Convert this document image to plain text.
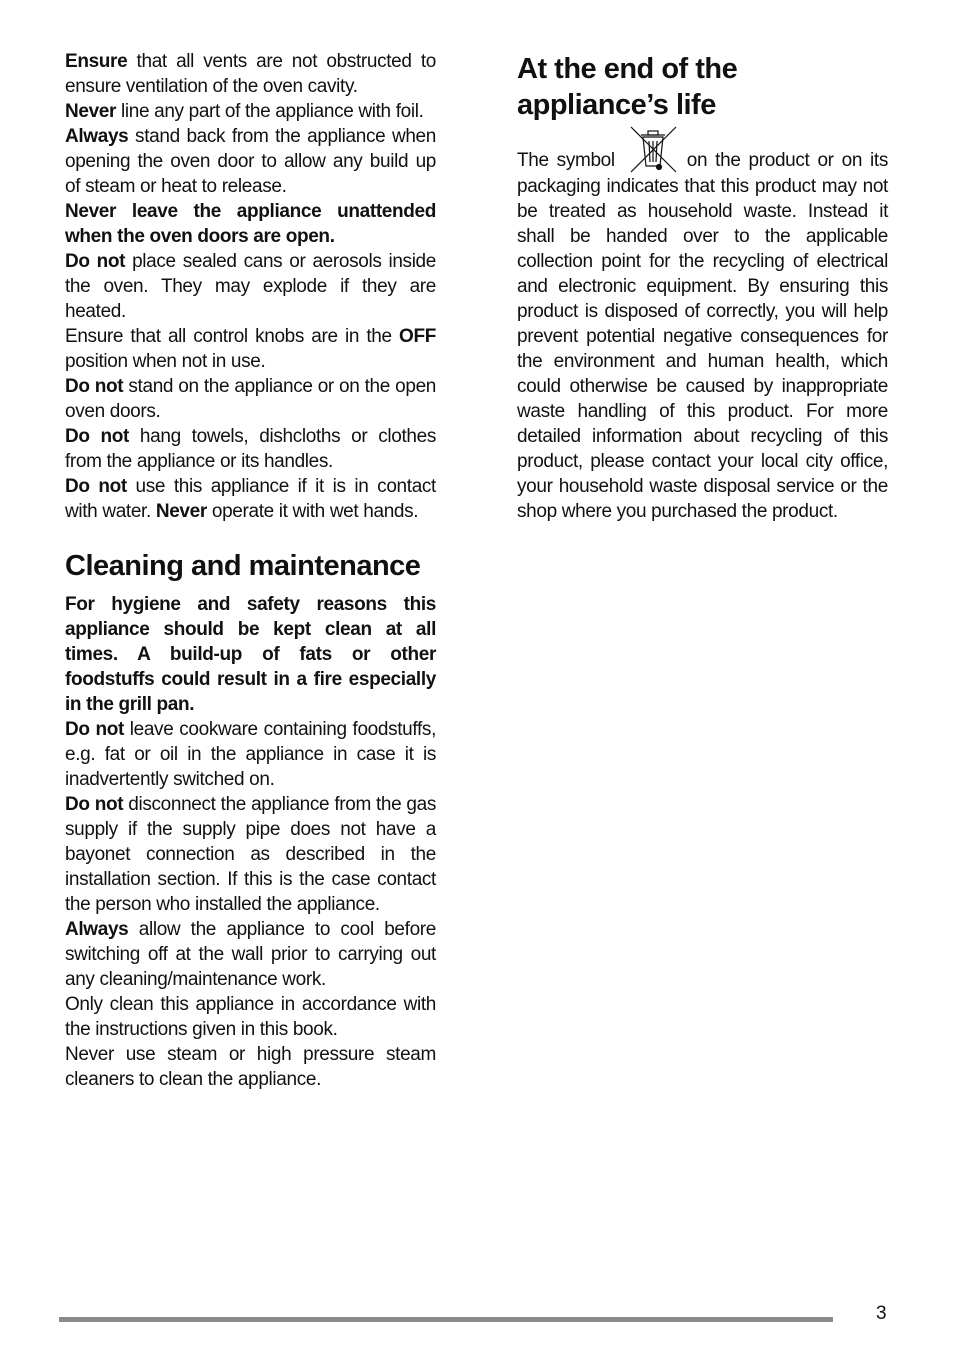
Ensure that all vents are not obstructed to ensure ventilation of the oven cavity.

Never line any part of the appliance with foil.

Always stand back from the appliance when opening the oven door to allow any build up of steam or heat to release.

Never leave the appliance unattended when the oven doors are open.

Do not place sealed cans or aerosols inside the oven. They may explode if they are heated.

Ensure that all control knobs are in the OFF position when not in use.

Do not stand on the appliance or on the open oven doors.

Do not hang towels, dishcloths or clothes from the appliance or its handles.

Do not use this appliance if it is in contact with water. Never operate it with wet hands.

Cleaning and maintenance

For hygiene and safety reasons this appliance should be kept clean at all times. A build-up of fats or other foodstuffs could result in a fire especially in the grill pan.

Do not leave cookware containing foodstuffs, e.g. fat or oil in the appliance in case it is inadvertently switched on.

Do not disconnect the appliance from the gas supply if the supply pipe does not have a bayonet connection as described in the installation section. If this is the case contact the person who installed the appliance.

Always allow the appliance to cool before switching off at the wall prior to carrying out any cleaning/maintenance work.

Only clean this appliance in accordance with the instructions given in this book.

Never use steam or high pressure steam cleaners to clean the appliance.

At the end of the appliance’s life

The symbol	on the product or on its packaging indicates that this product may not be treated as household waste. Instead it shall be handed over to the applicable collection point for the recycling of electrical and electronic equipment. By ensuring this product is disposed of correctly, you will help prevent potential negative consequences for the environment and human health, which could otherwise be caused by inappropriate waste handling of this product. For more detailed information about recycling of this product, please contact your local city office, your household waste disposal service or the shop where you purchased the product.

3
